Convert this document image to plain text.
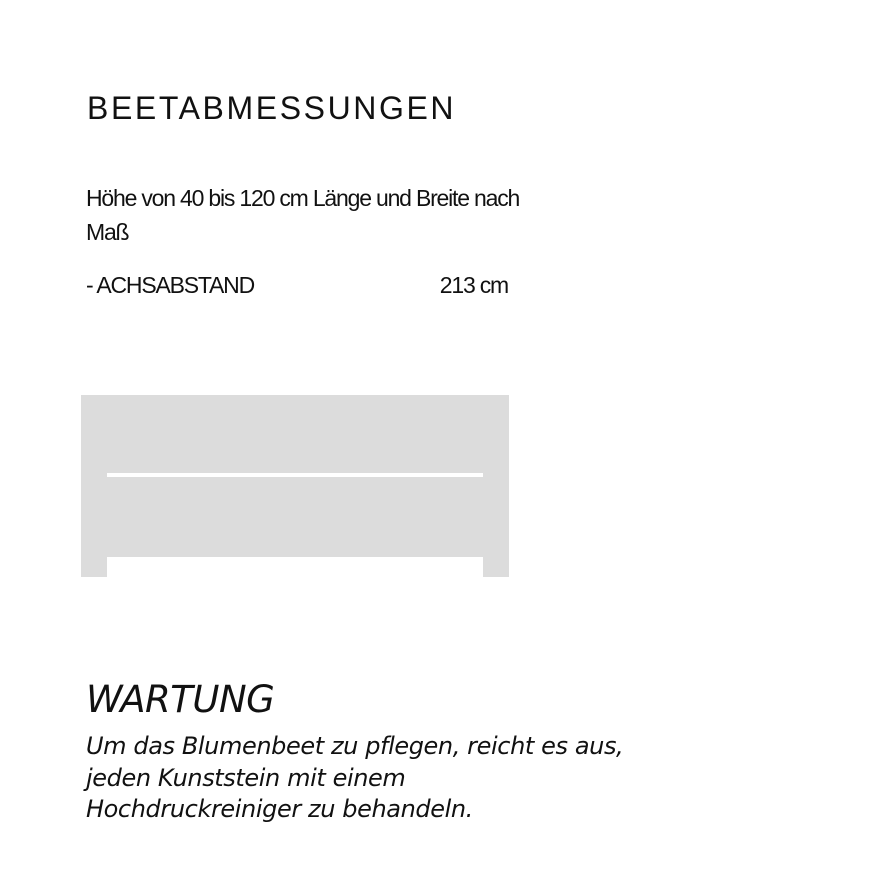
BEETABMESSUNGEN

Höhe von 40 bis 120 cm Länge und Breite nach Maß

- ACHSABSTAND	213 cm
WARTUNG

Um das Blumenbeet zu pflegen, reicht es aus,
jeden Kunststein mit einem
Hochdruckreiniger zu behandeln.
